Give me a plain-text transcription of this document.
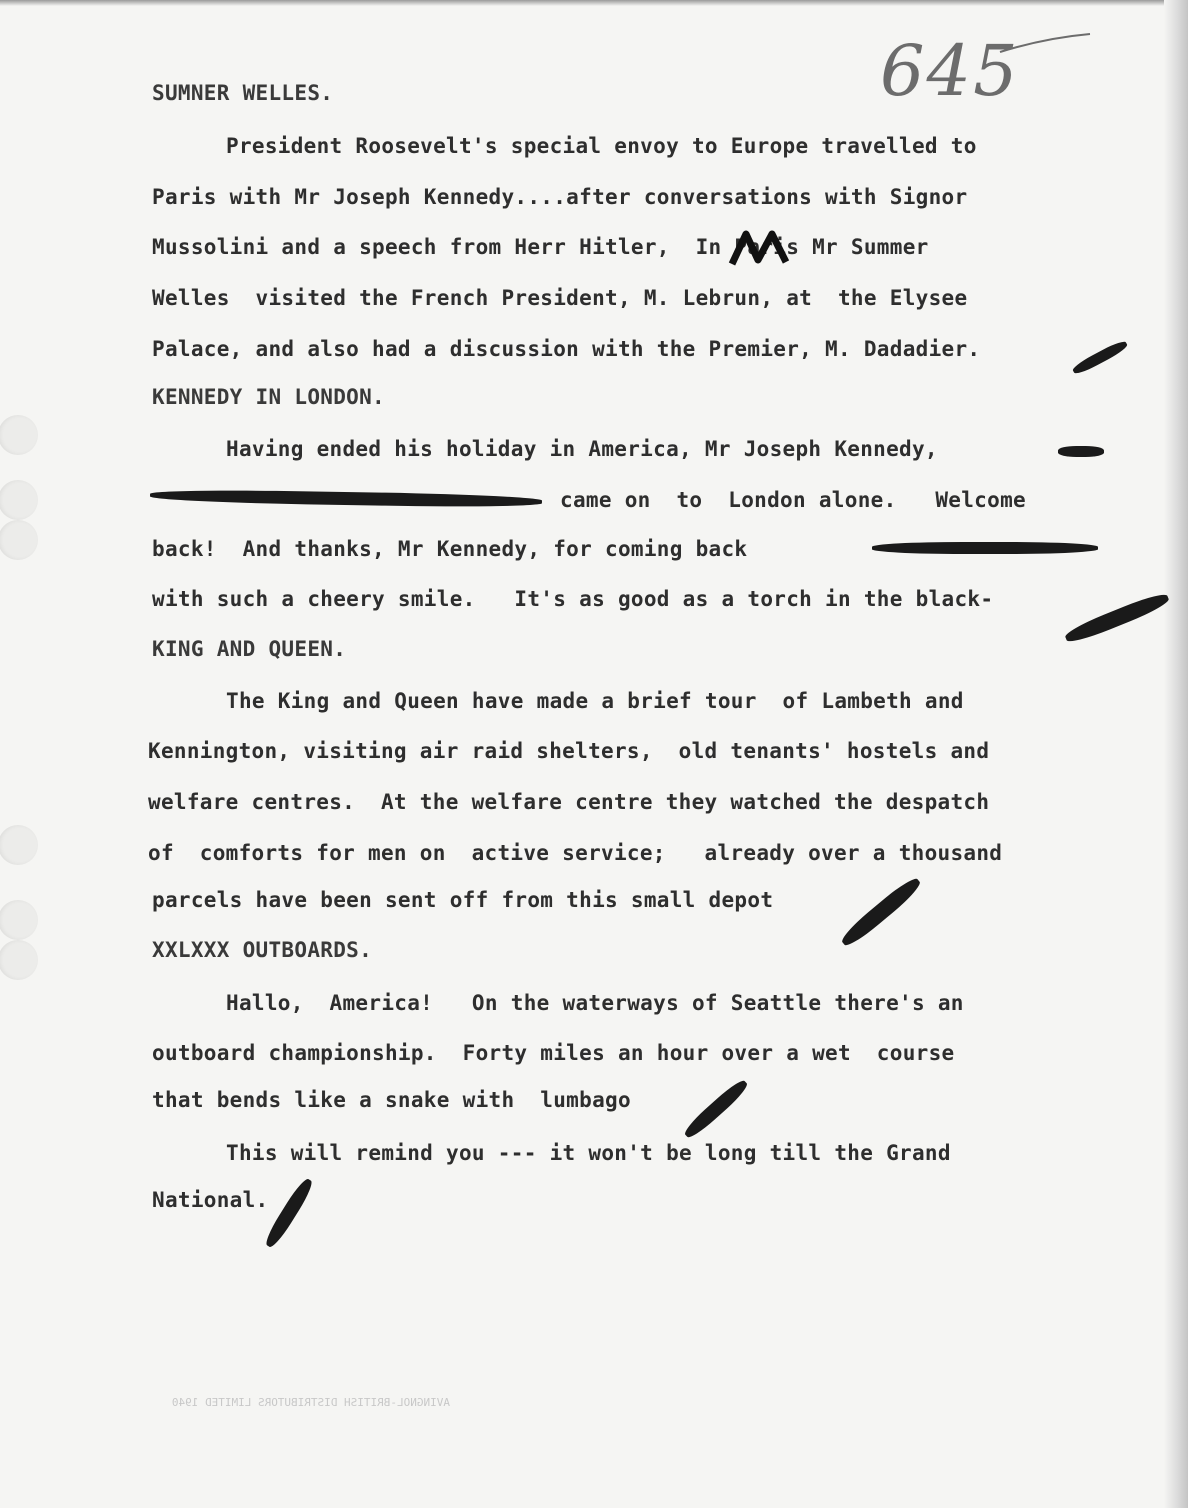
645
SUMNER WELLES.
President Roosevelt's special envoy to Europe travelled to
Paris with Mr Joseph Kennedy....after conversations with Signor
Mussolini and a speech from Herr Hitler,  In Paris Mr Summer
Welles  visited the French President, M. Lebrun, at  the Elysee
Palace, and also had a discussion with the Premier, M. Dadadier.
KENNEDY IN LONDON.
Having ended his holiday in America, Mr Joseph Kennedy,
came on  to  London alone.   Welcome
back!  And thanks, Mr Kennedy, for coming back
with such a cheery smile.   It's as good as a torch in the black-
KING AND QUEEN.
The King and Queen have made a brief tour  of Lambeth and
Kennington, visiting air raid shelters,  old tenants' hostels and
welfare centres.  At the welfare centre they watched the despatch
of  comforts for men on  active service;   already over a thousand
parcels have been sent off from this small depot
XXLXXX OUTBOARDS.
Hallo,  America!   On the waterways of Seattle there's an
outboard championship.  Forty miles an hour over a wet  course
that bends like a snake with  lumbago
This will remind you --- it won't be long till the Grand
National.
AVINGNOL-BRITISH DISTRIBUTORS LIMITED 1940
